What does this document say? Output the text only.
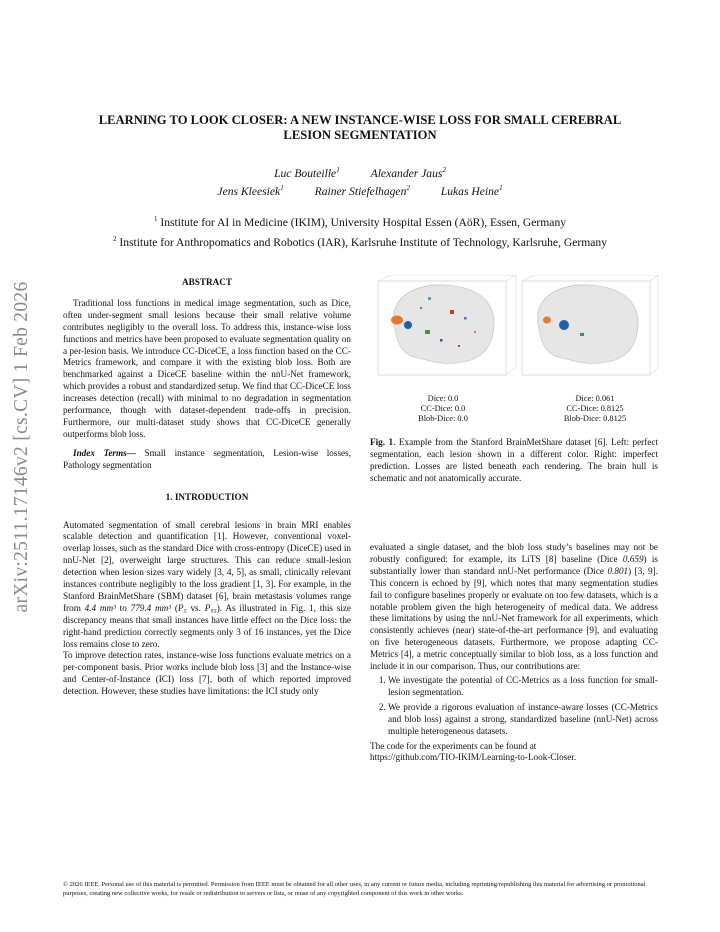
arXiv:2511.17146v2 [cs.CV] 1 Feb 2026
LEARNING TO LOOK CLOSER: A NEW INSTANCE-WISE LOSS FOR SMALL CEREBRAL
LESION SEGMENTATION
Luc Bouteille$^1$	Alexander Jaus$^2$
Jens Kleesiek$^1$	Rainer Stiefelhagen$^2$	Lukas Heine$^1$
$^1$ Institute for AI in Medicine (IKIM), University Hospital Essen (AöR), Essen, Germany
$^2$ Institute for Anthropomatics and Robotics (IAR), Karlsruhe Institute of Technology, Karlsruhe, Germany
ABSTRACT

Traditional loss functions in medical image segmentation, such as Dice, often under-segment small lesions because their small relative volume contributes negligibly to the overall loss. To address this, instance-wise loss functions and metrics have been proposed to evaluate segmentation quality on a per-lesion basis. We introduce CC-DiceCE, a loss function based on the CC-Metrics framework, and compare it with the existing blob loss. Both are benchmarked against a DiceCE baseline within the nnU-Net framework, which provides a robust and standardized setup. We find that CC-DiceCE loss increases detection (recall) with minimal to no degradation in segmentation performance, though with dataset-dependent trade-offs in precision. Furthermore, our multi-dataset study shows that CC-DiceCE generally outperforms blob loss.

Index Terms— Small instance segmentation, Lesion-wise losses, Pathology segmentation

1. INTRODUCTION

Automated segmentation of small cerebral lesions in brain MRI enables scalable detection and quantification [1]. However, conventional voxel-overlap losses, such as the standard Dice with cross-entropy (DiceCE) used in nnU-Net [2], overweight large structures. This can reduce small-lesion detection when lesion sizes vary widely [3, 4, 5], as small, clinically relevant instances contribute negligibly to the loss gradient [1, 3]. For example, in the Stanford BrainMetShare (SBM) dataset [6], brain metastasis volumes range from 4.4 mm³ to 779.4 mm³ (P₅ vs. P₉₅). As illustrated in Fig. 1, this size discrepancy means that small instances have little effect on the Dice loss: the right-hand prediction correctly segments only 3 of 16 instances, yet the Dice loss remains close to zero.

To improve detection rates, instance-wise loss functions evaluate metrics on a per-component basis. Prior works include blob loss [3] and the Instance-wise and Center-of-Instance (ICI) loss [7], both of which reported improved detection. However, these studies have limitations: the ICI study only

Dice: 0.0
CC-Dice: 0.0
Blob-Dice: 0.0
Dice: 0.061
CC-Dice: 0.8125
Blob-Dice: 0.8125
Fig. 1. Example from the Stanford BrainMetShare dataset [6]. Left: perfect segmentation, each lesion shown in a different color. Right: imperfect prediction. Losses are listed beneath each rendering. The brain hull is schematic and not anatomically accurate.

evaluated a single dataset, and the blob loss study’s baselines may not be robustly configured: for example, its LiTS [8] baseline (Dice 0.659) is substantially lower than standard nnU-Net performance (Dice 0.801) [3, 9]. This concern is echoed by [9], which notes that many segmentation studies fail to configure baselines properly or evaluate on too few datasets, which is a notable problem given the high heterogeneity of medical data. We address these limitations by using the nnU-Net framework for all experiments, which consistently achieves (near) state-of-the-art performance [9], and evaluating on five heterogeneous datasets. Furthermore, we propose adapting CC-Metrics [4], a metric conceptually similar to blob loss, as a loss function and include it in our comparison. Thus, our contributions are:

1. We investigate the potential of CC-Metrics as a loss function for small-lesion segmentation.
2. We provide a rigorous evaluation of instance-aware losses (CC-Metrics and blob loss) against a strong, standardized baseline (nnU-Net) across multiple heterogeneous datasets.

The code for the experiments can be found at
https://github.com/TIO-IKIM/Learning-to-Look-Closer.

© 2026 IEEE. Personal use of this material is permitted. Permission from IEEE must be obtained for all other uses, in any current or future media, including reprinting/republishing this material for advertising or promotional purposes, creating new collective works, for resale or redistribution to servers or lists, or reuse of any copyrighted component of this work in other works.
